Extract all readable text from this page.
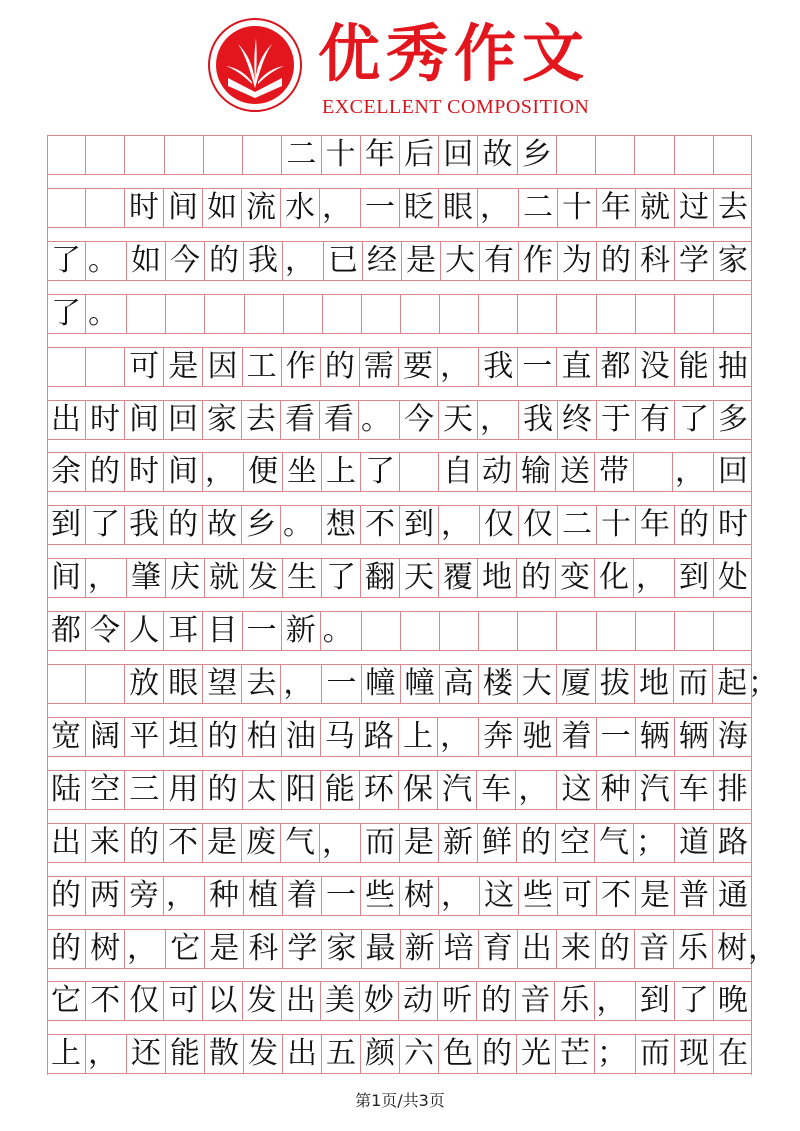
优秀作文
EXCELLENT COMPOSITION
二 十 年 后 回 故 乡
时 间 如 流 水 ， 一 眨 眼 ， 二 十 年 就 过 去
了 。 如 今 的 我 ， 已 经 是 大 有 作 为 的 科 学 家
了 。
可 是 因 工 作 的 需 要 ， 我 一 直 都 没 能 抽
出 时 间 回 家 去 看 看 。 今 天 ， 我 终 于 有 了 多
余 的 时 间 ， 便 坐 上 了 自 动 输 送 带 ， 回
到 了 我 的 故 乡 。 想 不 到 ， 仅 仅 二 十 年 的 时
间 ， 肇 庆 就 发 生 了 翻 天 覆 地 的 变 化 ， 到 处
都 令 人 耳 目 一 新 。
放 眼 望 去 ， 一 幢 幢 高 楼 大 厦 拔 地 而 起 ；
宽 阔 平 坦 的 柏 油 马 路 上 ， 奔 驰 着 一 辆 辆 海
陆 空 三 用 的 太 阳 能 环 保 汽 车 ， 这 种 汽 车 排
出 来 的 不 是 废 气 ， 而 是 新 鲜 的 空 气 ； 道 路
的 两 旁 ， 种 植 着 一 些 树 ， 这 些 可 不 是 普 通
的 树 ， 它 是 科 学 家 最 新 培 育 出 来 的 音 乐 树 ，
它 不 仅 可 以 发 出 美 妙 动 听 的 音 乐 ， 到 了 晚
上 ， 还 能 散 发 出 五 颜 六 色 的 光 芒 ； 而 现 在
第1页/共3页
